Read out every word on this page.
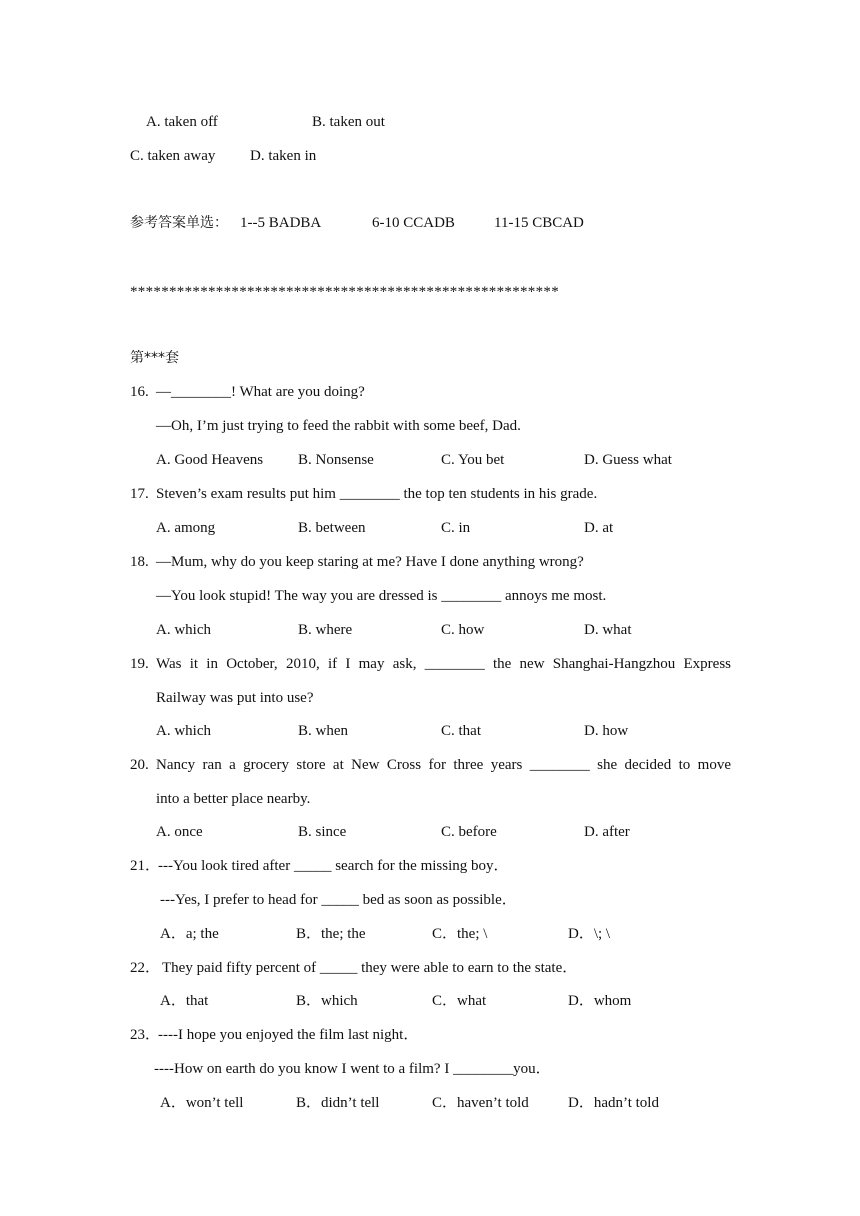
A. taken off	B. taken out
C. taken away D. taken in
参考答案单选： 1--5 BADBA	6-10 CCADB	11-15 CBCAD
*******************************************************
第***套
16. —________! What are you doing?
—Oh, I’m just trying to feed the rabbit with some beef, Dad.
A. Good Heavens B. Nonsense	C. You bet	D. Guess what
17. Steven’s exam results put him ________ the top ten students in his grade.
A. among	B. between	C. in	D. at
18. —Mum, why do you keep staring at me? Have I done anything wrong?
—You look stupid! The way you are dressed is ________ annoys me most.
A. which	B. where	C. how	D. what
19. Was it in October, 2010, if I may ask, ________ the new Shanghai-Hangzhou Express
Railway was put into use?
A. which	B. when	C. that	D. how
20. Nancy ran a grocery store at New Cross for three years ________ she decided to move
into a better place nearby.
A. once	B. since	C. before	D. after
21．
---You look tired after _____ search for the missing boy．
---Yes, I prefer to head for _____ bed as soon as possible．
A．a; the	B．the; the	C．the; \	D．\; \
22． They paid fifty percent of _____ they were able to earn to the state．
A．that	B．which	C．what	D．whom
23．
----I hope you enjoyed the film last night．
----How on earth do you know I went to a film? I ________you．
A．won’t tell	B．didn’t tell	C．haven’t told	D．hadn’t told
